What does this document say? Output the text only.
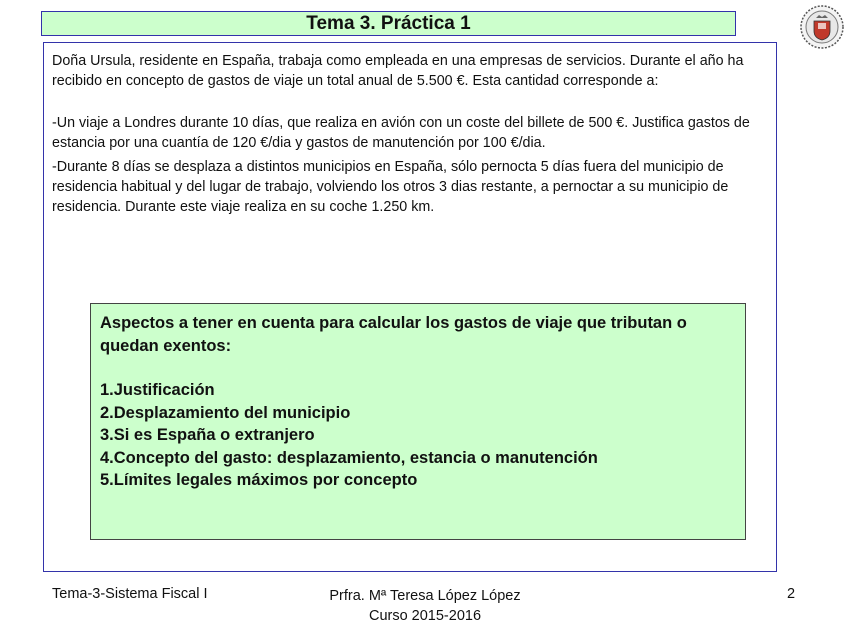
Tema 3. Práctica 1

Doña Ursula, residente en España, trabaja como empleada en una empresas de servicios. Durante el año ha recibido en concepto de gastos de viaje un total anual de 5.500 €. Esta cantidad corresponde a:

-Un viaje a Londres durante 10 días, que realiza en avión con un coste del billete de 500 €. Justifica gastos de estancia por una cuantía de 120 €/dia y gastos de manutención por 100 €/dia.

-Durante 8 días se desplaza a distintos municipios en España, sólo pernocta 5 días fuera del municipio de residencia habitual y del lugar de trabajo, volviendo los otros 3 dias restante, a pernoctar a su municipio de residencia. Durante este viaje realiza en su coche 1.250 km.

Aspectos a tener en cuenta para calcular los gastos de viaje que tributan o quedan exentos:
1.Justificación
2.Desplazamiento del municipio
3.Si es España o extranjero
4.Concepto del gasto: desplazamiento, estancia o manutención
5.Límites legales máximos por concepto
Tema-3-Sistema Fiscal I	Prfra. Mª Teresa López López
Curso 2015-2016
2
